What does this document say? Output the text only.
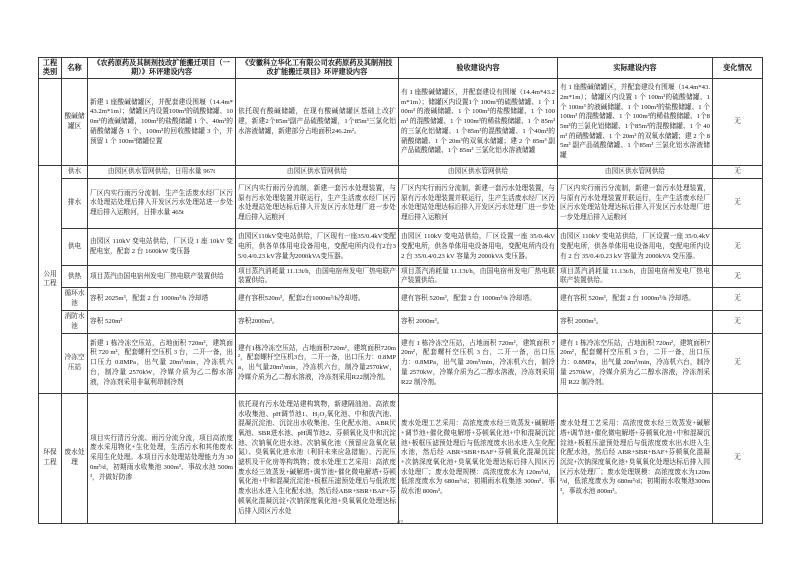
工程类别	名称	《农药原药及其制剂技改扩能搬迁项目（一期）》环评建设内容	《安徽科立华化工有限公司农药原药及其制剂技改扩能搬迁项目》环评建设内容	验收建设内容	实际建设内容	变化情况
	酸碱储罐区	新建 1 座酸碱储罐区，并配套建设围堰（14.4m*43.2m*1m）；储罐区内设置100m³的硫酸储罐、100m³的液碱储罐，100m³的盐酸储罐 1 个、40m³的硝酸储罐各 1 个、100m³的回收酸储罐 3 个，并预留 1 个 100m³储罐位置	依托现有酸碱储罐，在现有酸碱储罐区基础上改扩建，新建2个85m³副产品硫酸储罐，1个85m³三氯化铝水溶液储罐，新建部分占地面积246.2m²。	有 1 座酸碱储罐区，并配套建设有围堰（14.4m*43.2m*1m）；储罐区内设置1个 100m³的硫酸储罐、1 个 100m³ 的液碱储罐、1 个 100m³的盐酸储罐、1 个 100m³ 的混酸储罐、1 个 100m³的稀盐酸储罐、1 个 85m³ 的三氯化铝储罐、1 个85m³的混酸储罐、1 个40m³的硝酸储罐、1 个 20m³的双氧水储罐；建 2 个 85m³ 副产品硫酸储罐、1个 85m³ 三氯化铝水溶液储罐	有 1 座酸碱储罐区，并配套建设有围堰（14.4m*43.2m*1m）；储罐区内设置 1 个 100m³的硫酸储罐、1 个 100m³ 的液碱储罐、1 个 100m³的盐酸储罐、1 个 100m³ 的混酸储罐、1 个 100m³的稀盐酸储罐、1个85m³的三氯化铝储罐、1个85m³的混酸储罐、1 个 40m³ 的硝酸储罐、1 个 20m³ 的双氧水储罐；建 2 个 85m³ 副产品硫酸储罐、1 个85m³ 三氯化铝水溶液储罐	无
公用工程	供水	由园区供水管网供给，日用水量 967t	由园区供水管网供给	由园区供水管网供给	由园区供水管网供给	无
	排水	厂区内实行雨污分流制、生产生活废水经厂区污水处理站处理后排入开发区污水处理站进一步处理后排入运粮河，日排水量 465t	厂区内实行雨污分流制，新建一套污水处理装置，与原有污水处理装置并联运行，生产生活废水经厂区污水处理站处理达标后排入开发区污水处理厂进一步处理后排入运粮河	厂区内实行雨污分流制，新建一套污水处理装置，与原有污水处理装置并联运行，生产生活废水经厂区污水处理站处理达标后排入开发区污水处理厂进一步处理后排入运粮河	厂区内实行雨污分流制，新建一套污水处理装置，与原有污水处理装置并联运行，生产生活废水经厂区污水处理站处理达标后排入开发区污水处理厂进一步处理后排入运粮河	无
	供电	由园区 110kV 变电站供给，厂区设 1 座 10kV 变配电室，配套 2 台 1600kW 变压器	由园区110kV变电站供给，厂区现有一座35/0.4kV变配电所，供各单体用电设备用电，变配电所内设有2台35/0.4/0.23 kV容量为2000kVA变压器。	由园区 110kV 变电站供给，厂区设置一座 35/0.4kV 变配电所，供各单体用电设备用电，变配电所内设有 2 台 35/0.4/0.23 kV 容量为 2000kVA 变压器。	由园区 110kV 变电站供给，厂区设置一座 35/0.4kV 变配电所，供各单体用电设备用电，变配电所内设有 2 台 35/0.4/0.23 kV 容量为 2000kVA 变压器。	无
	供热	项目蒸汽由国电宿州发电厂热电联产装置供给	项目蒸汽消耗量 11.13t/h，由国电宿州发电厂热电联产装置供给。	项目蒸汽消耗量 11.13t/h，由国电宿州发电厂热电联产装置供给。	项目蒸汽消耗量 11.13t/h，由国电宿州发电厂热电联产装置供给。	无
	循环水池	容积 2025m³，配套 2 台 1000m³/h 冷却塔	建有容积520m³，配套2台1000m³/h冷却塔。	建有容积 520m³，配套 2 台 1000m³/h 冷却塔。	建有容积 520m³，配套 2 台 1000m³/h 冷却塔。	无
	消防水池	容积 520m³	容积2000m³。	容积 2000m³。	容积 2000m³。	无
	冷冻空压站	新建 1 栋冷冻空压站，占地面积 720m²，建筑面积 720 m²，配套螺杆空压机 3 台，二开一备，出口压力 0.8MPa，出气量 20m³/min，冷冻机六台，制冷量 2570kW，冷媒介质为乙二醇水溶液，冷冻剂采用非氟利昂制冷剂	建有1栋冷冻空压站，占地面积720m²，建筑面积720m²，配套螺杆空压机3台，二开一备，出口压力：0.8MPa，出气量20m³/min，冷冻机六台，制冷量2570kW，冷媒介质为乙二醇水溶液，冷冻剂采用R22制冷剂。	建有 1 栋冷冻空压站，占地面积 720m²，建筑面积 720m²，配套螺杆空压机 3 台，二开一备，出口压力：0.8MPa，出气量 20m³/min，冷冻机六台，制冷量 2570kW，冷媒介质为乙二醇水溶液，冷冻剂采用 R22 制冷剂。	建有 1 栋冷冻空压站，占地面积 720m²，建筑面积720m²，配套螺杆空压机 3 台，二开一备，出口压力：0.8MPa，出气量 20m³/min，冷冻机六台，制冷量 2570kW，冷媒介质为乙二醇水溶液，冷冻剂采用 R22 制冷剂。	无
环保工程	废水处理	项目实行清污分流、雨污分流分流，项目高浓度废水采用物化+生化处理，生活污水和其他废水采用生化处理。本项目污水处理站处理能力为 300m³/d，初期雨水收集池 300m³、事故水池 500m³，并做好防渗	依托现有污水处理站建构筑物，新建隔油池、高浓废水收集池、pH调节池1、H₂O₂氧化池、中和放汽池、混凝沉淀池、沉淀出水收集池、生化配水池、ABR厌氧池、SBR进水池、pH调节池2、芬顿氧化及中和沉淀池、次钠氧化进水池、次钠氧化池（预留应急氧化氨氮）、臭氧氧化进水池（利旧未来应急措施）、污泥压滤机及干化房等构筑物；废水处理工艺采用：高浓度废水经三效蒸发+碱解塔+调节池+催化微电解塔+芬顿氧化池+中和混凝沉淀池+板框压滤预处理后与低浓度废水出水进入生化配水池，然后经ABR+SBR+BAF+芬顿氧化混凝沉淀+次钠深度氧化池+臭氧氧化处理达标后排入园区污水处	废水处理工艺采用：高浓度废水经三效蒸发+碱解塔+调节池+催化微电解塔+芬顿氧化池+中和混凝沉淀池+板框压滤预处理后与低浓度废水出水进入生化配水池，然后经 ABR+SBR+BAF+芬顿氧化混凝沉淀+次钠深度氧化池+臭氧氧化处理达标后排入园区污水处理厂；废水处理规模：高浓度废水为 120m³/d，低浓度废水为 680m³/d；初期雨水收集池 300m³、事故水池 800m³。	废水处理工艺采用：高浓度废水经三效蒸发+碱解塔+调节池+催化微电解塔+芬顿氧化池+中和混凝沉淀池+板框压滤预处理后与低浓度废水出水进入生化配水池，然后经 ABR+SBR+BAF+芬顿氧化混凝沉淀+次钠深度氧化池+臭氧氧化处理达标后排入园区污水处理厂；废水处理规模：高浓度废水为120m³/d，低浓度废水为 680m³/d；初期雨水收集池300m³，事故水池 800m³。	无
42
